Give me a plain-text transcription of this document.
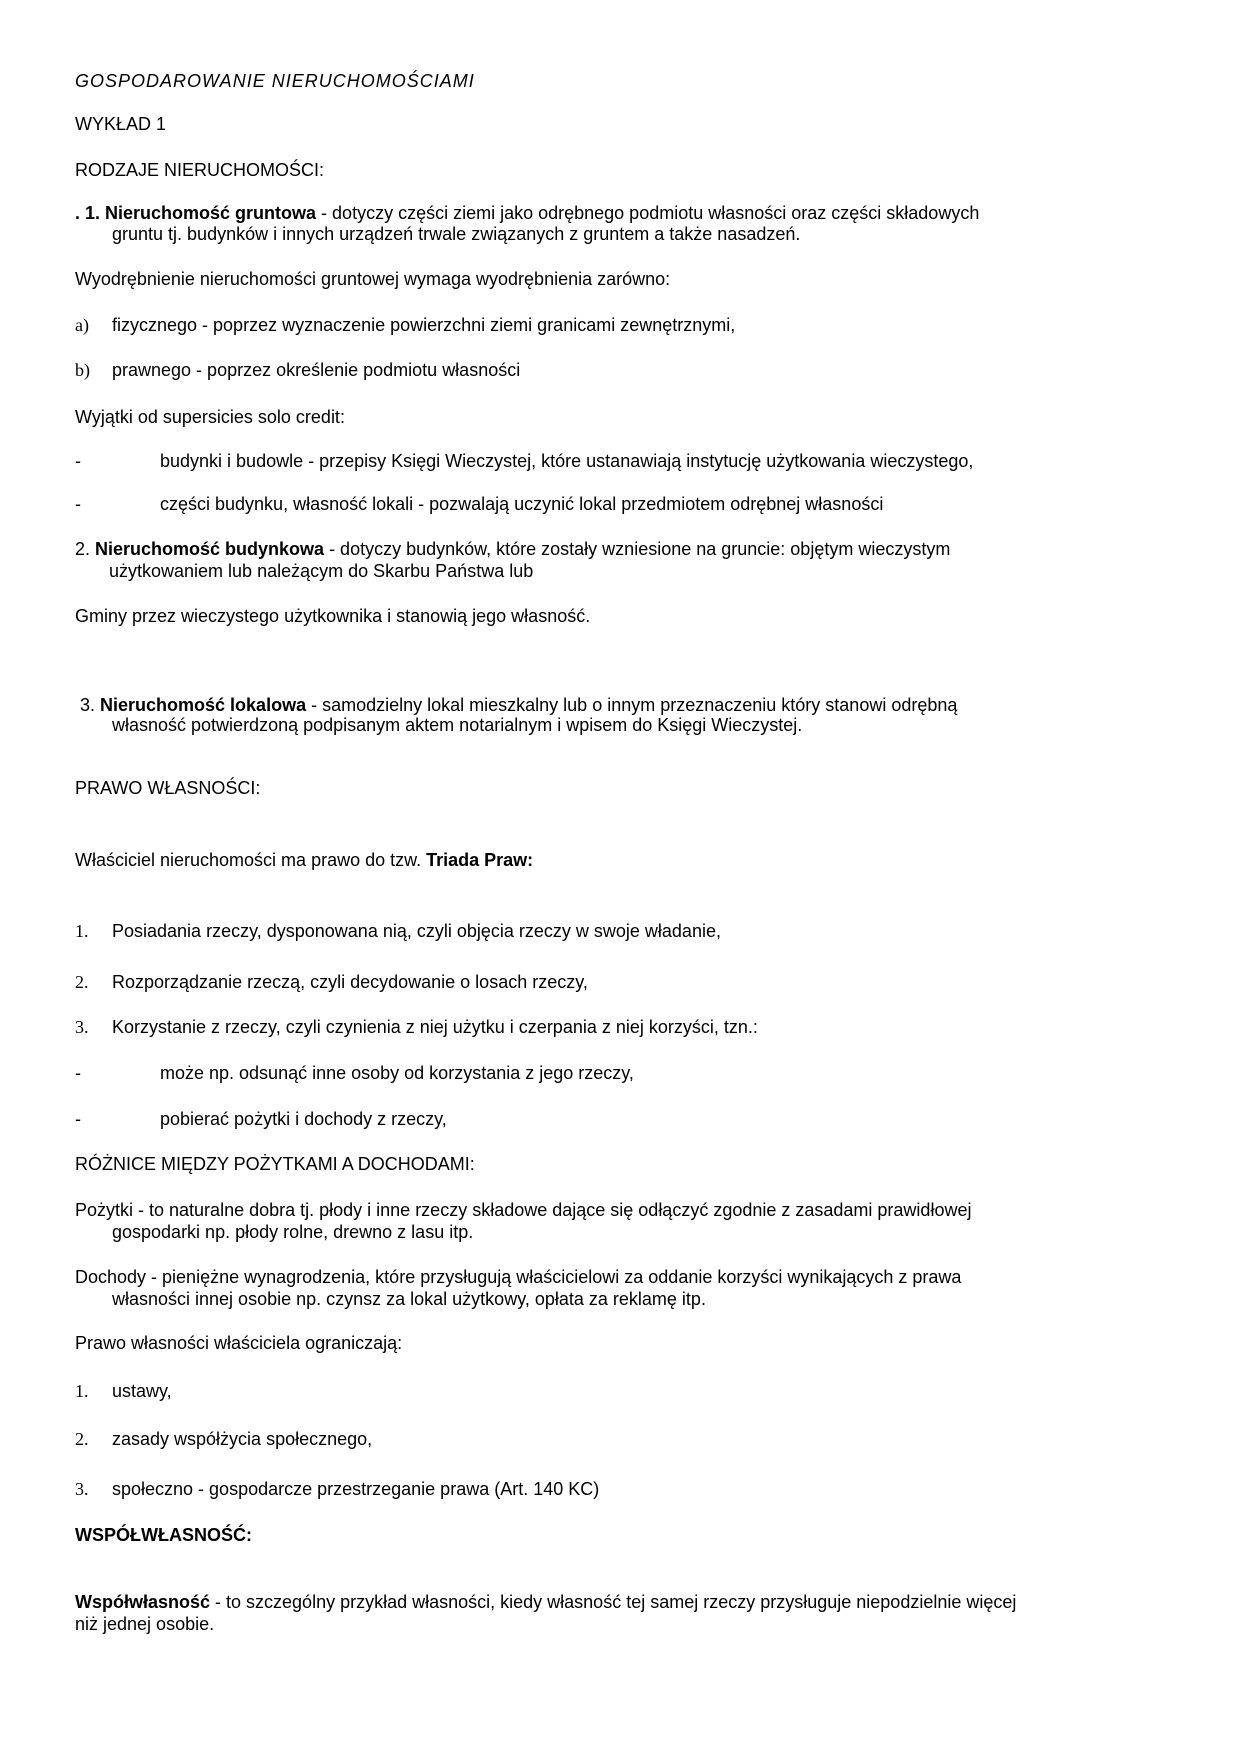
GOSPODAROWANIE NIERUCHOMOŚCIAMI
WYKŁAD 1
RODZAJE NIERUCHOMOŚCI:
. 1. Nieruchomość gruntowa - dotyczy części ziemi jako odrębnego podmiotu własności oraz części składowych
gruntu tj. budynków i innych urządzeń trwale związanych z gruntem a także nasadzeń.
Wyodrębnienie nieruchomości gruntowej wymaga wyodrębnienia zarówno:
a) fizycznego - poprzez wyznaczenie powierzchni ziemi granicami zewnętrznymi,
b) prawnego - poprzez określenie podmiotu własności
Wyjątki od supersicies solo credit:
-	budynki i budowle - przepisy Księgi Wieczystej, które ustanawiają instytucję użytkowania wieczystego,
-	części budynku, własność lokali - pozwalają uczynić lokal przedmiotem odrębnej własności
2. Nieruchomość budynkowa - dotyczy budynków, które zostały wzniesione na gruncie: objętym wieczystym
użytkowaniem lub należącym do Skarbu Państwa lub
Gminy przez wieczystego użytkownika i stanowią jego własność.
3. Nieruchomość lokalowa - samodzielny lokal mieszkalny lub o innym przeznaczeniu który stanowi odrębną
własność potwierdzoną podpisanym aktem notarialnym i wpisem do Księgi Wieczystej.
PRAWO WŁASNOŚCI:
Właściciel nieruchomości ma prawo do tzw. Triada Praw:
1. Posiadania rzeczy, dysponowana nią, czyli objęcia rzeczy w swoje władanie,
2. Rozporządzanie rzeczą, czyli decydowanie o losach rzeczy,
3. Korzystanie z rzeczy, czyli czynienia z niej użytku i czerpania z niej korzyści, tzn.:
-	może np. odsunąć inne osoby od korzystania z jego rzeczy,
-	pobierać pożytki i dochody z rzeczy,
RÓŻNICE MIĘDZY POŻYTKAMI A DOCHODAMI:
Pożytki - to naturalne dobra tj. płody i inne rzeczy składowe dające się odłączyć zgodnie z zasadami prawidłowej
gospodarki np. płody rolne, drewno z lasu itp.
Dochody - pieniężne wynagrodzenia, które przysługują właścicielowi za oddanie korzyści wynikających z prawa
własności innej osobie np. czynsz za lokal użytkowy, opłata za reklamę itp.
Prawo własności właściciela ograniczają:
1. ustawy,
2. zasady współżycia społecznego,
3. społeczno - gospodarcze przestrzeganie prawa (Art. 140 KC)
WSPÓŁWŁASNOŚĆ:
Współwłasność - to szczególny przykład własności, kiedy własność tej samej rzeczy przysługuje niepodzielnie więcej
niż jednej osobie.
